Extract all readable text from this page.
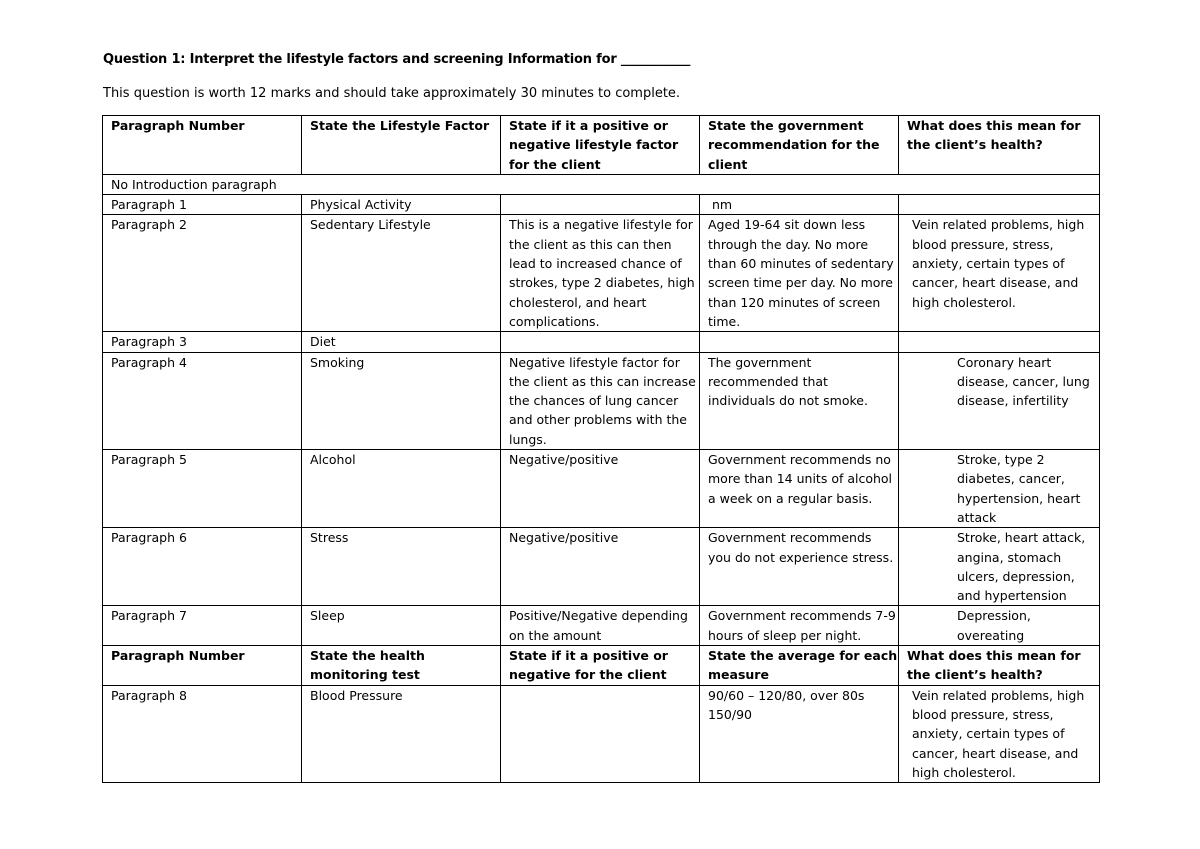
Question 1: Interpret the lifestyle factors and screening Information for ___________
This question is worth 12 marks and should take approximately 30 minutes to complete.
Paragraph Number	State the Lifestyle Factor	State if it a positive or negative lifestyle factor for the client	State the government recommendation for the client	What does this mean for the client’s health?
No Introduction paragraph				
Paragraph 1	Physical Activity		nm	
Paragraph 2	Sedentary Lifestyle	This is a negative lifestyle for the client as this can then lead to increased chance of strokes, type 2 diabetes, high cholesterol, and heart complications.	Aged 19-64 sit down less through the day. No more than 60 minutes of sedentary screen time per day. No more than 120 minutes of screen time.	Vein related problems, high blood pressure, stress, anxiety, certain types of cancer, heart disease, and high cholesterol.
Paragraph 3	Diet			
Paragraph 4	Smoking	Negative lifestyle factor for the client as this can increase the chances of lung cancer and other problems with the lungs.	The government recommended that individuals do not smoke.	Coronary heart disease, cancer, lung disease, infertility
Paragraph 5	Alcohol	Negative/positive	Government recommends no more than 14 units of alcohol a week on a regular basis.	Stroke, type 2 diabetes, cancer, hypertension, heart attack
Paragraph 6	Stress	Negative/positive	Government recommends you do not experience stress.	Stroke, heart attack, angina, stomach ulcers, depression, and hypertension
Paragraph 7	Sleep	Positive/Negative depending on the amount	Government recommends 7-9 hours of sleep per night.	Depression, overeating
Paragraph Number	State the health monitoring test	State if it a positive or negative for the client	State the average for each measure	What does this mean for the client’s health?
Paragraph 8	Blood Pressure		90/60 – 120/80, over 80s 150/90	Vein related problems, high blood pressure, stress, anxiety, certain types of cancer, heart disease, and high cholesterol.
